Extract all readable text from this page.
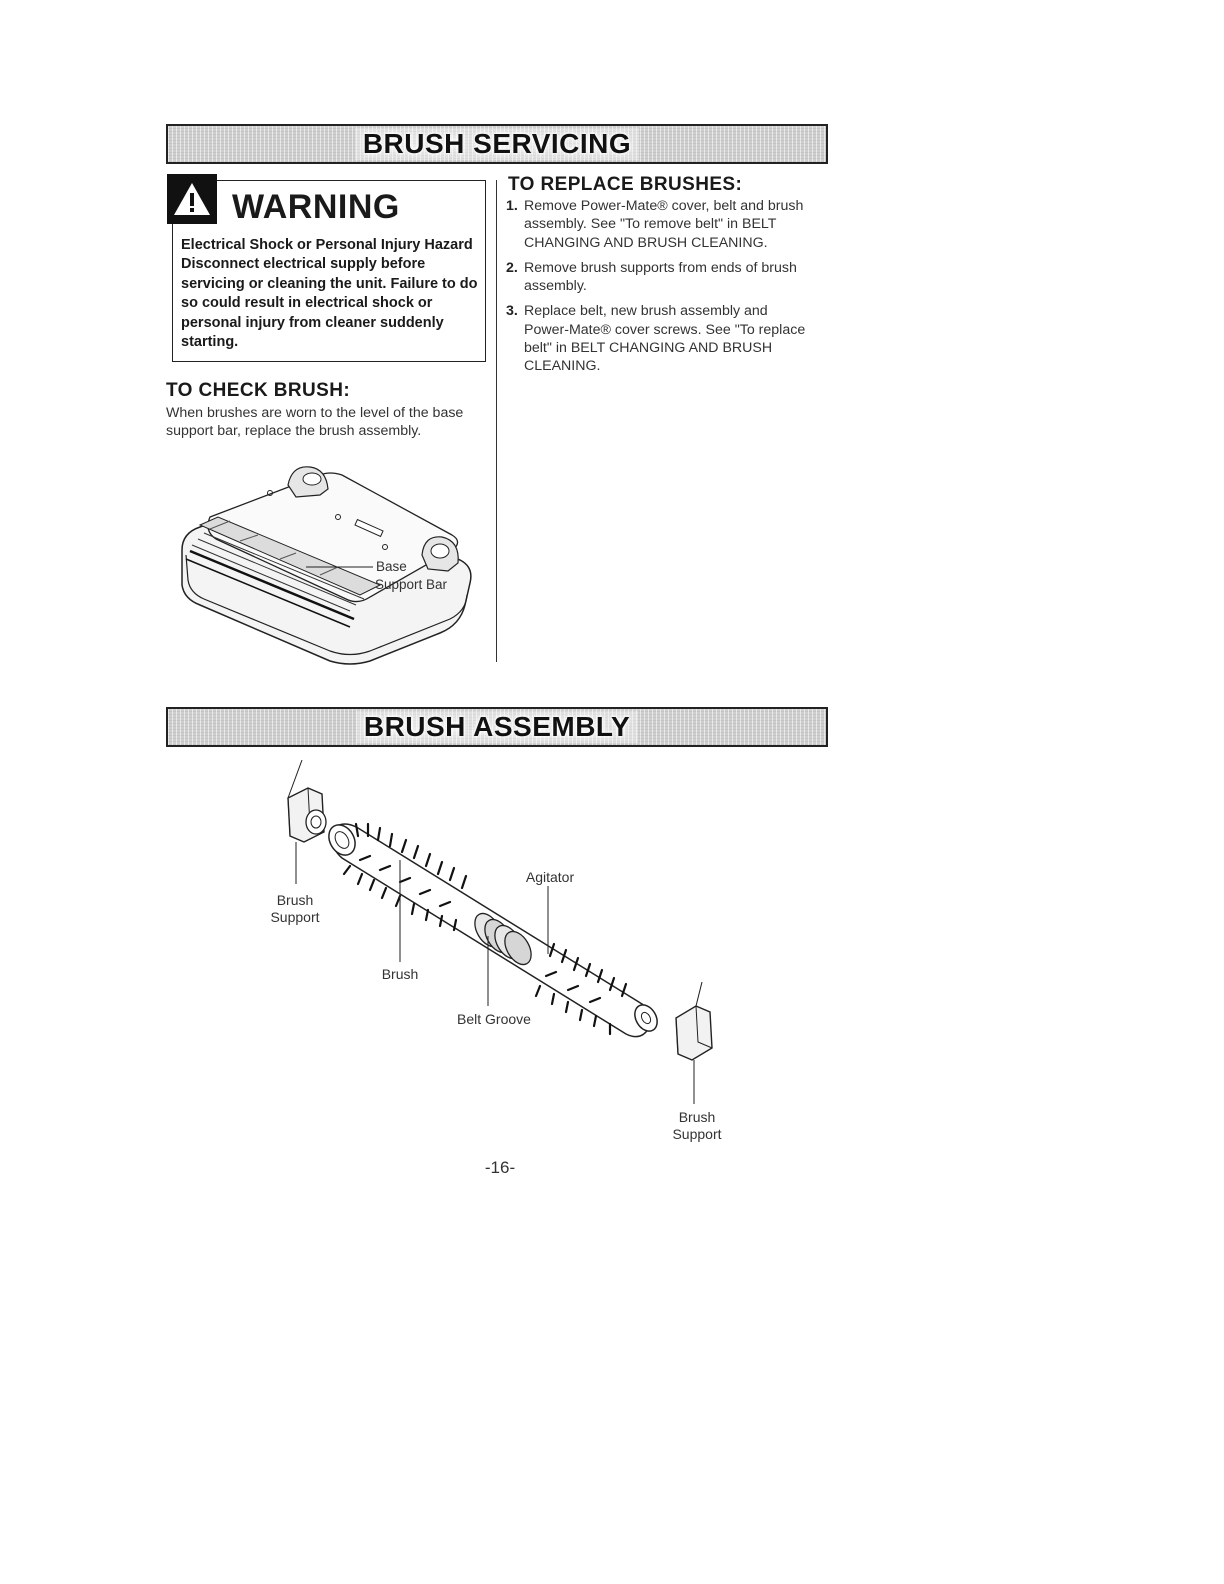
BRUSH SERVICING
WARNING
Electrical Shock or Personal Injury Hazard
Disconnect electrical supply before
servicing or cleaning the unit. Failure to do
so could result in electrical shock or
personal injury from cleaner suddenly
starting.
TO CHECK BRUSH:
When brushes are worn to the level of the base
support bar, replace the brush assembly.
Base
Support Bar
TO REPLACE BRUSHES:
1. Remove Power-Mate® cover, belt and brush
assembly. See "To remove belt" in BELT
CHANGING AND BRUSH CLEANING.
2. Remove brush supports from ends of brush
assembly.
3. Replace belt, new brush assembly and
Power-Mate® cover screws. See "To replace
belt" in BELT CHANGING AND BRUSH
CLEANING.
BRUSH ASSEMBLY
Brush
Support
Brush
Agitator
Belt Groove
Brush
Support
-16-
